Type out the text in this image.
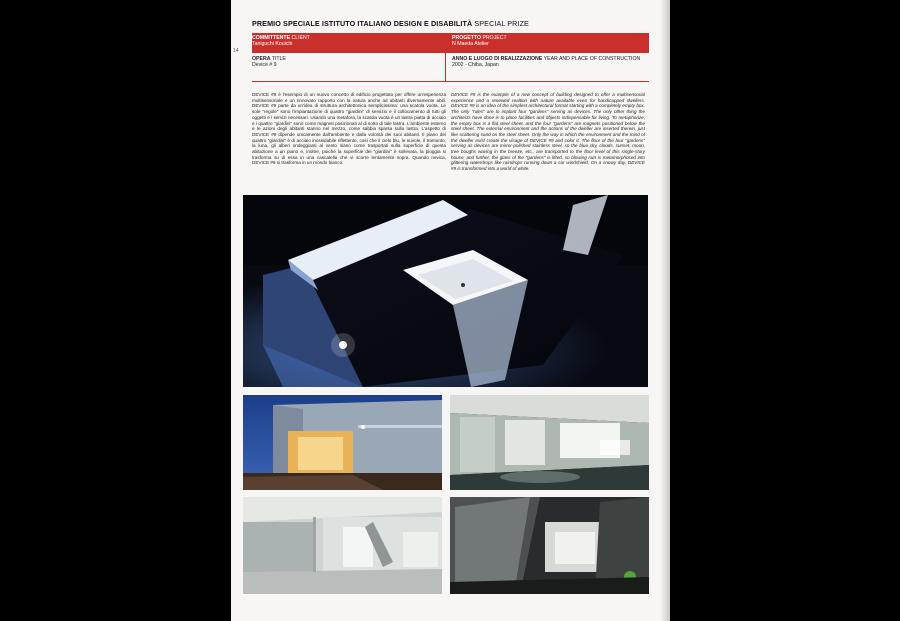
14
PREMIO SPECIALE ISTITUTO ITALIANO DESIGN E DISABILITÀ SPECIAL PRIZE
COMMITTENTE CLIENT
Taniguchi Kouichi
PROGETTO PROJECT
N Maeda Atelier
OPERA TITLE
Device # 9
ANNO E LUOGO DI REALIZZAZIONE YEAR AND PLACE OF CONSTRUCTION
2002 - Chiba, Japan

DEVICE #9 è l'esempio di un nuovo concetto di edificio progettato per offrire un'esperienza multisensoriale e un rinnovato rapporto con la natura anche ad abitanti diversamente abili. DEVICE #9 parte da un'idea di struttura architettonica semplicissima: una scatola vuota. Le sole "regole" sono l'impiantazione di quattro "giardini" di servizio e il collocamento di tutti gli oggetti e i servizi necessari. Usando una metafora, la scatola vuota è un lastra piatta di acciaio e i quattro "giardini" sono come magneti posizionati al di sotto di tale lastra. L'ambiente esterno e le azioni degli abitanti stanno nel mezzo, come sabbia sparsa sulla lastra. L'aspetto di DEVICE #9 dipende unicamente dall'ambiente e dalla volontà dei suoi abitanti. Il piano dei quattro "giardini" è di acciaio inossidabile riflettente, così che il cielo blu, le nuvole, il tramonto, la luna, gli alberi ondeggianti al vento siano come trasportati sulla superficie di questa abitazione a un piano e, inoltre, poiché la superficie dei "giardini" è sollevata, la pioggia si trasforma su di essa in una cascatella che vi scorre lentamente sopra. Quando nevica, DEVICE #9 si trasforma in un mondo bianco.

DEVICE #9 is the example of a new concept of building designed to offer a multisensorial experience and a renewed realtion with nature available even for handicapped dwellers. DEVICE #9 is an idea of the simplest architectural format starting with a completely empty box. The only "rules" are to implant four "gardens" serving as devices. The only other thing the architects have done is to place facilities and objects indispensable for living. To metaphorize, the empty box is a flat steel sheet, and the four "gardens" are magnets positioned below the steel sheet. The external environment and the actions of the dweller are inserted therein, just like scattering sand on the steel sheet. Only the way in which the environment and the mind of the dweller exist create the visage of DEVICE #9 and color it. The floor of the four "gardens" serving as devices are mirror-polished stainless steel, so the blue sky, clouds, sunset, moon, tree boughs waving in the breeze, etc., are transported to the floor level of this single-story house, and further, the glass of the "gardens" is lifted, so blowing rain is metamorphosed into glittering waterdrops like raindrops running down a car windshield. On a snowy day, DEVICE #9 is transformed into a world of white.
